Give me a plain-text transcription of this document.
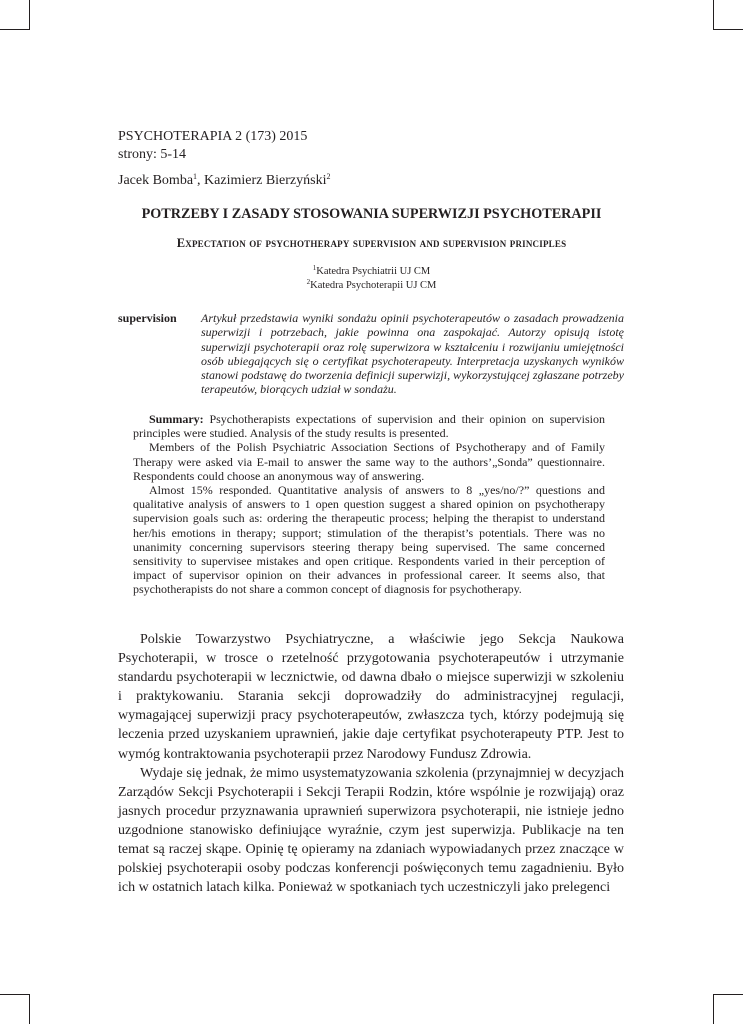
PSYCHOTERAPIA 2 (173) 2015
strony: 5-14
Jacek Bomba$^1$, Kazimierz Bierzyński$^2$
POTRZEBY I ZASADY STOSOWANIA SUPERWIZJI PSYCHOTERAPII
Expectation of psychotherapy supervision and supervision principles
$^1$Katedra Psychiatrii UJ CM
$^2$Katedra Psychoterapii UJ CM
supervision Artykuł przedstawia wyniki sondażu opinii psychoterapeutów o zasadach prowadzenia superwizji i potrzebach, jakie powinna ona zaspokajać. Autorzy opisują istotę superwizji psychoterapii oraz rolę superwizora w kształceniu i rozwijaniu umiejętności osób ubiegających się o certyfikat psychoterapeuty. Interpretacja uzyskanych wyników stanowi podstawę do tworzenia definicji superwizji, wykorzystującej zgłaszane potrzeby terapeutów, biorących udział w sondażu.

Summary: Psychotherapists expectations of supervision and their opinion on supervision principles were studied. Analysis of the study results is presented.

Members of the Polish Psychiatric Association Sections of Psychotherapy and of Family Therapy were asked via E-mail to answer the same way to the authors’„Sonda” questionnaire. Respondents could choose an anonymous way of answering.

Almost 15% responded. Quantitative analysis of answers to 8 „yes/no/?” questions and qualitative analysis of answers to 1 open question suggest a shared opinion on psychotherapy supervision goals such as: ordering the therapeutic process; helping the therapist to understand her/his emotions in therapy; support; stimulation of the therapist’s potentials. There was no unanimity concerning supervisors steering therapy being supervised. The same concerned sensitivity to supervisee mistakes and open critique. Respondents varied in their perception of impact of supervisor opinion on their advances in professional career. It seems also, that psychotherapists do not share a common concept of diagnosis for psychotherapy.

Polskie Towarzystwo Psychiatryczne, a właściwie jego Sekcja Naukowa Psychoterapii, w trosce o rzetelność przygotowania psychoterapeutów i utrzymanie standardu psychoterapii w lecznictwie, od dawna dbało o miejsce superwizji w szkoleniu i praktykowaniu. Starania sekcji doprowadziły do administracyjnej regulacji, wymagającej superwizji pracy psychoterapeutów, zwłaszcza tych, którzy podejmują się leczenia przed uzyskaniem uprawnień, jakie daje certyfikat psychoterapeuty PTP. Jest to wymóg kontraktowania psychoterapii przez Narodowy Fundusz Zdrowia.

Wydaje się jednak, że mimo usystematyzowania szkolenia (przynajmniej w decyzjach Zarządów Sekcji Psychoterapii i Sekcji Terapii Rodzin, które wspólnie je rozwijają) oraz jasnych procedur przyznawania uprawnień superwizora psychoterapii, nie istnieje jedno uzgodnione stanowisko definiujące wyraźnie, czym jest superwizja. Publikacje na ten temat są raczej skąpe. Opinię tę opieramy na zdaniach wypowiadanych przez znaczące w polskiej psychoterapii osoby podczas konferencji poświęconych temu zagadnieniu. Było ich w ostatnich latach kilka. Ponieważ w spotkaniach tych uczestniczyli jako prelegenci
